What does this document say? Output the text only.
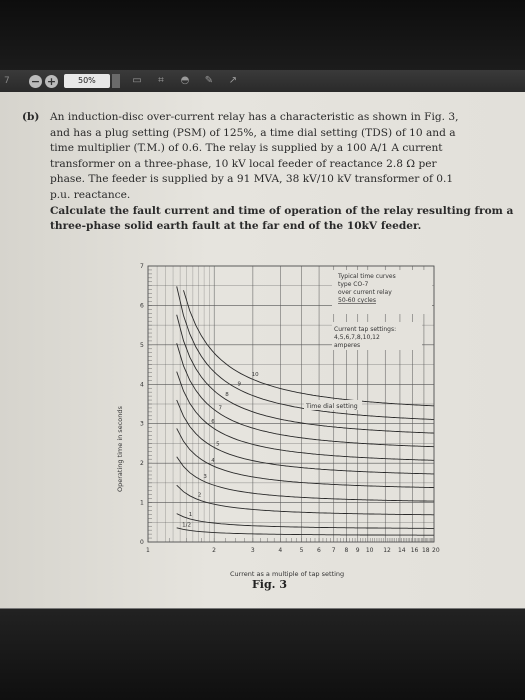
7	− +	50%	▭	⌗	◓ ✎ ↗
(b) An induction-disc over-current relay has a characteristic as shown in Fig. 3,
and has a plug setting (PSM) of 125%, a time dial setting (TDS) of 10 and a
time multiplier (T.M.) of 0.6. The relay is supplied by a 100 A/1 A current
transformer on a three-phase, 10 kV local feeder of reactance 2.8 Ω per
phase. The feeder is supplied by a 91 MVA, 38 kV/10 kV transformer of 0.1
p.u. reactance.
Calculate the fault current and time of operation of the relay resulting from a
three-phase solid earth fault at the far end of the 10kV feeder.
Operating time in seconds
0
1
2
3
4
5
6
7
1	2	3	4	5 6 7 8 9 10 12 14 16 18 20
Current as a multiple of tap setting
Typical time curves
type CO-7
over current relay
50-60 cycles
Current tap settings:
4,5,6,7,8,10,12
amperes
Time dial setting
10
9
8
7
6
5
4
3
2
1
1/2
Fig. 3
